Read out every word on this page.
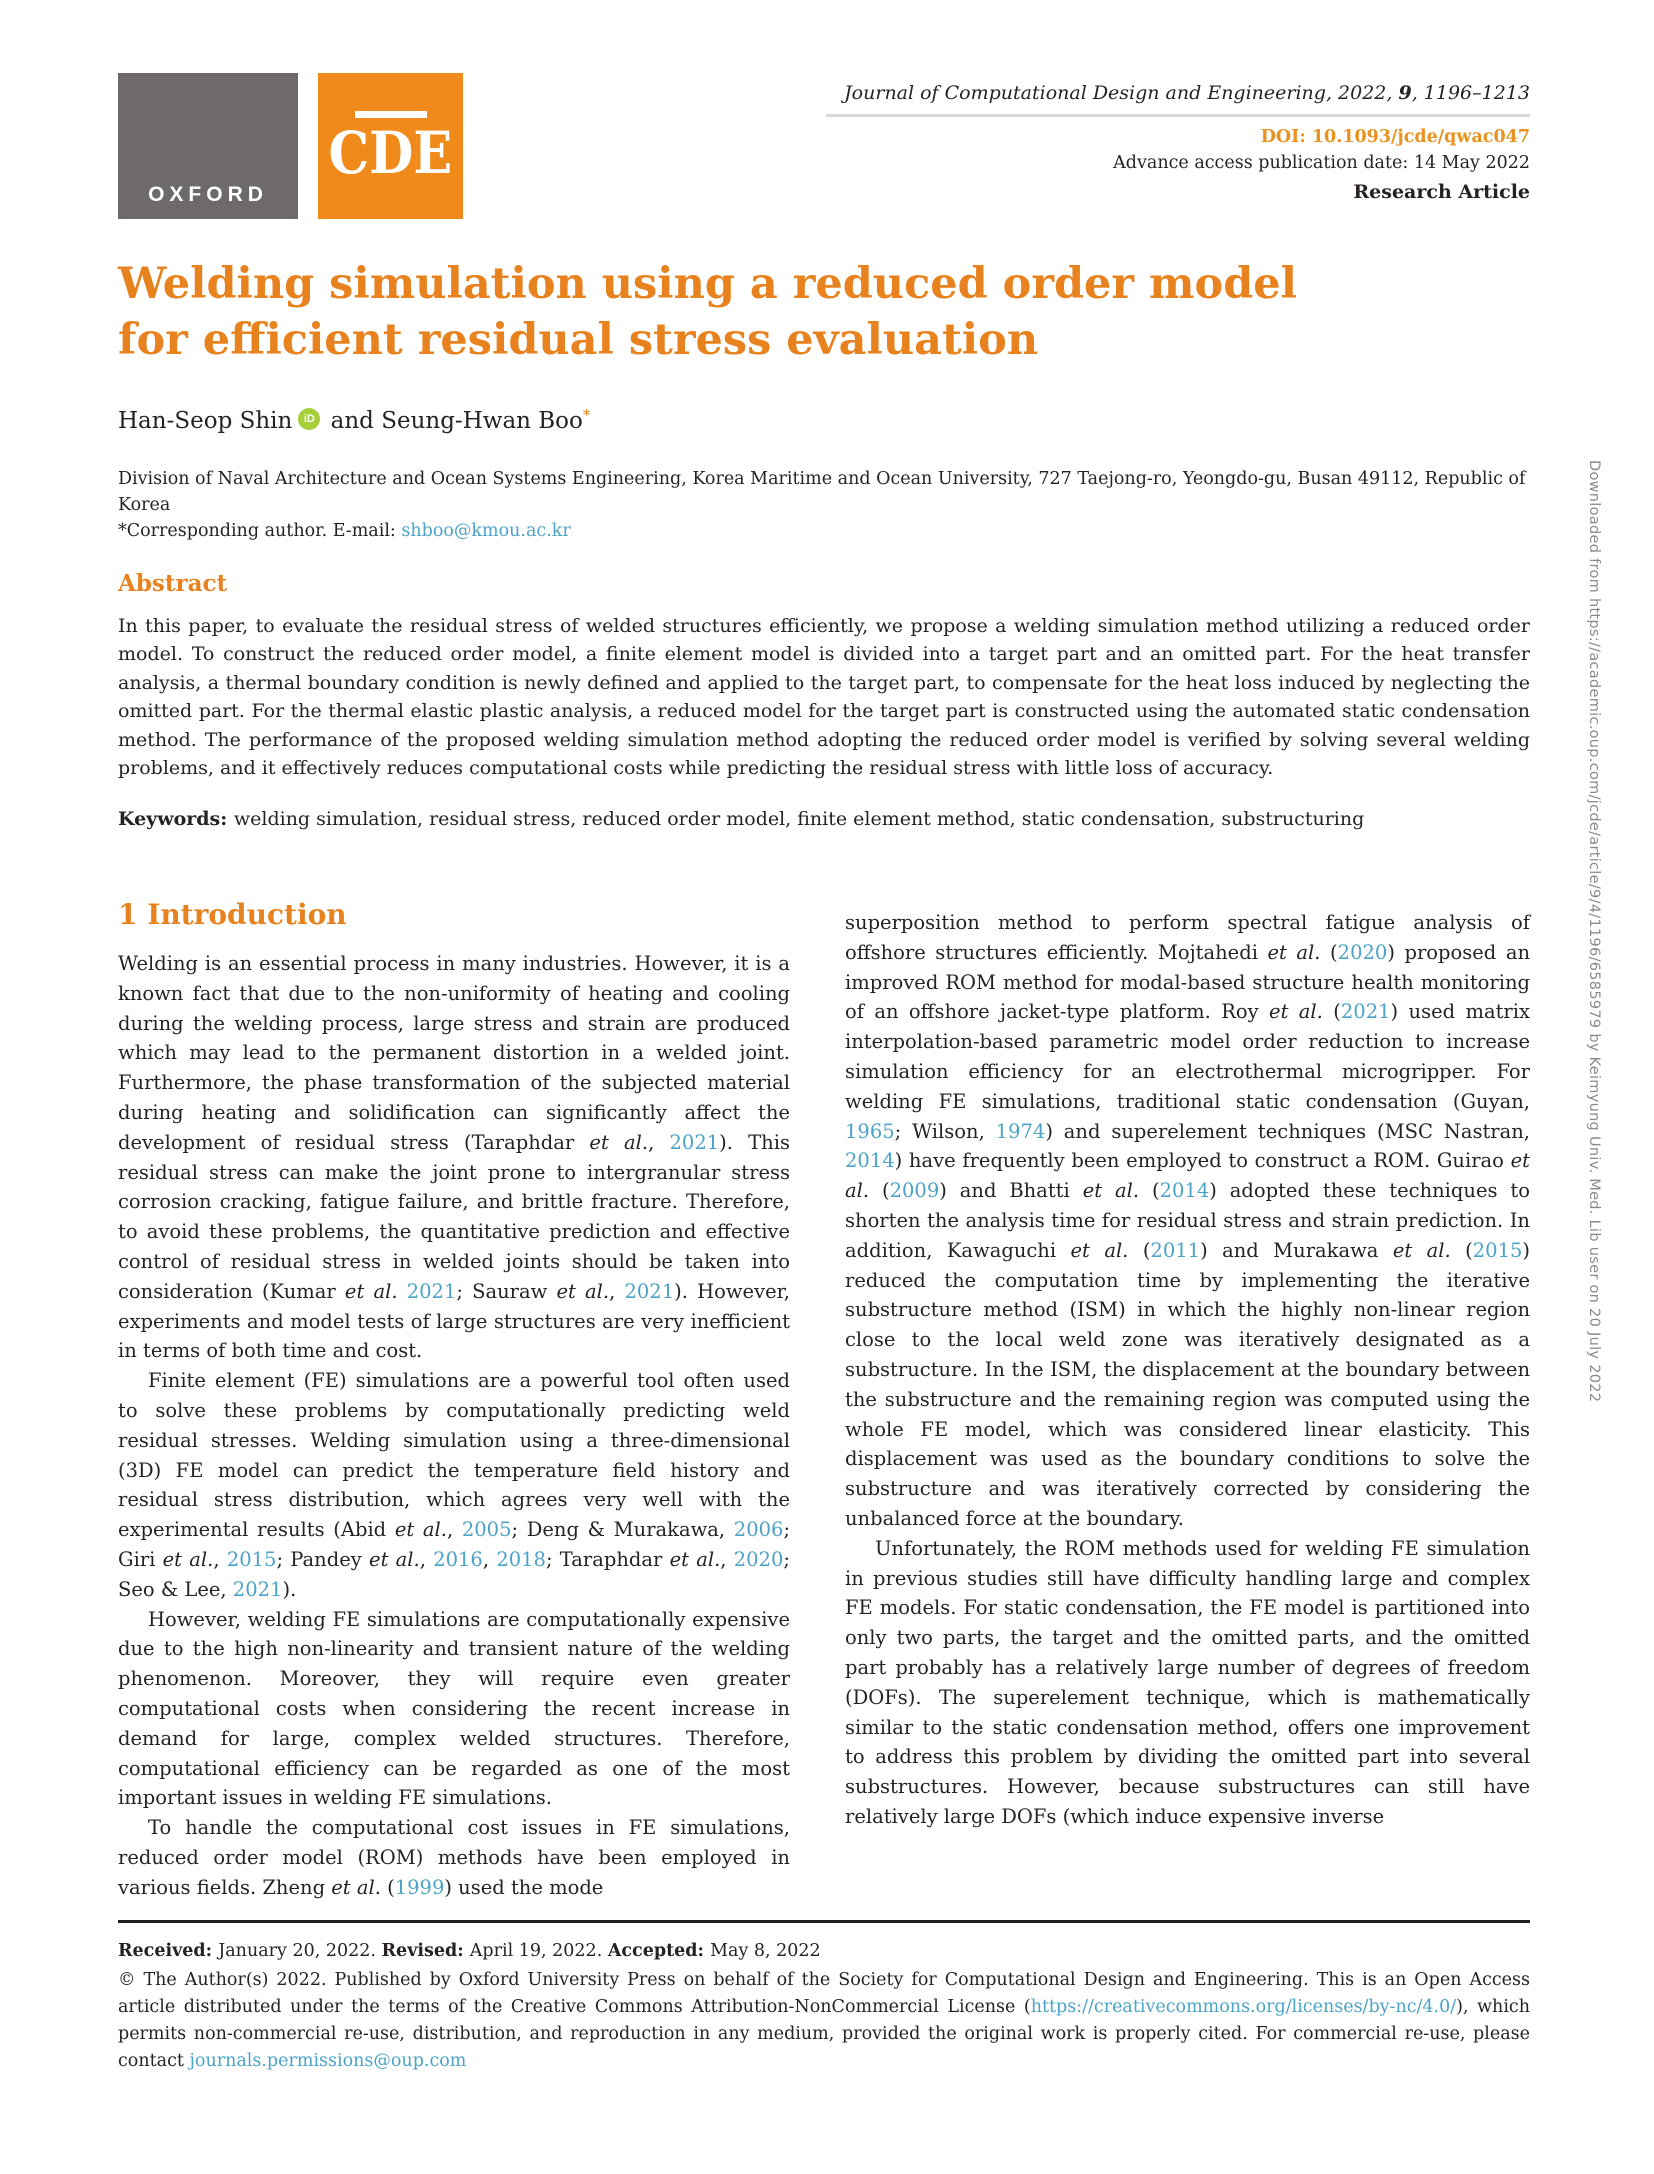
OXFORD
CDE
Journal of Computational Design and Engineering, 2022, 9, 1196–1213
DOI: 10.1093/jcde/qwac047
Advance access publication date: 14 May 2022
Research Article
Welding simulation using a reduced order model
for efficient residual stress evaluation
Han-Seop Shin iD and Seung-Hwan Boo*
Division of Naval Architecture and Ocean Systems Engineering, Korea Maritime and Ocean University, 727 Taejong-ro, Yeongdo-gu, Busan 49112, Republic of Korea
*Corresponding author. E-mail: shboo@kmou.ac.kr
Abstract

In this paper, to evaluate the residual stress of welded structures efficiently, we propose a welding simulation method utilizing a reduced order model. To construct the reduced order model, a finite element model is divided into a target part and an omitted part. For the heat transfer analysis, a thermal boundary condition is newly defined and applied to the target part, to compensate for the heat loss induced by neglecting the omitted part. For the thermal elastic plastic analysis, a reduced model for the target part is constructed using the automated static condensation method. The performance of the proposed welding simulation method adopting the reduced order model is verified by solving several welding problems, and it effectively reduces computational costs while predicting the residual stress with little loss of accuracy.

Keywords: welding simulation, residual stress, reduced order model, finite element method, static condensation, substructuring
1 Introduction

Welding is an essential process in many industries. However, it is a known fact that due to the non-uniformity of heating and cooling during the welding process, large stress and strain are produced which may lead to the permanent distortion in a welded joint. Furthermore, the phase transformation of the subjected material during heating and solidification can significantly affect the development of residual stress (Taraphdar et al., 2021). This residual stress can make the joint prone to intergranular stress corrosion cracking, fatigue failure, and brittle fracture. Therefore, to avoid these problems, the quantitative prediction and effective control of residual stress in welded joints should be taken into consideration (Kumar et al. 2021; Sauraw et al., 2021). However, experiments and model tests of large structures are very inefficient in terms of both time and cost.

Finite element (FE) simulations are a powerful tool often used to solve these problems by computationally predicting weld residual stresses. Welding simulation using a three-dimensional (3D) FE model can predict the temperature field history and residual stress distribution, which agrees very well with the experimental results (Abid et al., 2005; Deng & Murakawa, 2006; Giri et al., 2015; Pandey et al., 2016, 2018; Taraphdar et al., 2020; Seo & Lee, 2021).

However, welding FE simulations are computationally expensive due to the high non-linearity and transient nature of the welding phenomenon. Moreover, they will require even greater computational costs when considering the recent increase in demand for large, complex welded structures. Therefore, computational efficiency can be regarded as one of the most important issues in welding FE simulations.

To handle the computational cost issues in FE simulations, reduced order model (ROM) methods have been employed in various fields. Zheng et al. (1999) used the mode

superposition method to perform spectral fatigue analysis of offshore structures efficiently. Mojtahedi et al. (2020) proposed an improved ROM method for modal-based structure health monitoring of an offshore jacket-type platform. Roy et al. (2021) used matrix interpolation-based parametric model order reduction to increase simulation efficiency for an electrothermal microgripper. For welding FE simulations, traditional static condensation (Guyan, 1965; Wilson, 1974) and superelement techniques (MSC Nastran, 2014) have frequently been employed to construct a ROM. Guirao et al. (2009) and Bhatti et al. (2014) adopted these techniques to shorten the analysis time for residual stress and strain prediction. In addition, Kawaguchi et al. (2011) and Murakawa et al. (2015) reduced the computation time by implementing the iterative substructure method (ISM) in which the highly non-linear region close to the local weld zone was iteratively designated as a substructure. In the ISM, the displacement at the boundary between the substructure and the remaining region was computed using the whole FE model, which was considered linear elasticity. This displacement was used as the boundary conditions to solve the substructure and was iteratively corrected by considering the unbalanced force at the boundary.

Unfortunately, the ROM methods used for welding FE simulation in previous studies still have difficulty handling large and complex FE models. For static condensation, the FE model is partitioned into only two parts, the target and the omitted parts, and the omitted part probably has a relatively large number of degrees of freedom (DOFs). The superelement technique, which is mathematically similar to the static condensation method, offers one improvement to address this problem by dividing the omitted part into several substructures. However, because substructures can still have relatively large DOFs (which induce expensive inverse

Received: January 20, 2022. Revised: April 19, 2022. Accepted: May 8, 2022

© The Author(s) 2022. Published by Oxford University Press on behalf of the Society for Computational Design and Engineering. This is an Open Access article distributed under the terms of the Creative Commons Attribution-NonCommercial License (https://creativecommons.org/licenses/by-nc/4.0/), which permits non-commercial re-use, distribution, and reproduction in any medium, provided the original work is properly cited. For commercial re-use, please contact journals.permissions@oup.com

Downloaded from https://academic.oup.com/jcde/article/9/4/1196/6585979 by Keimyung Univ. Med. Lib user on 20 July 2022
